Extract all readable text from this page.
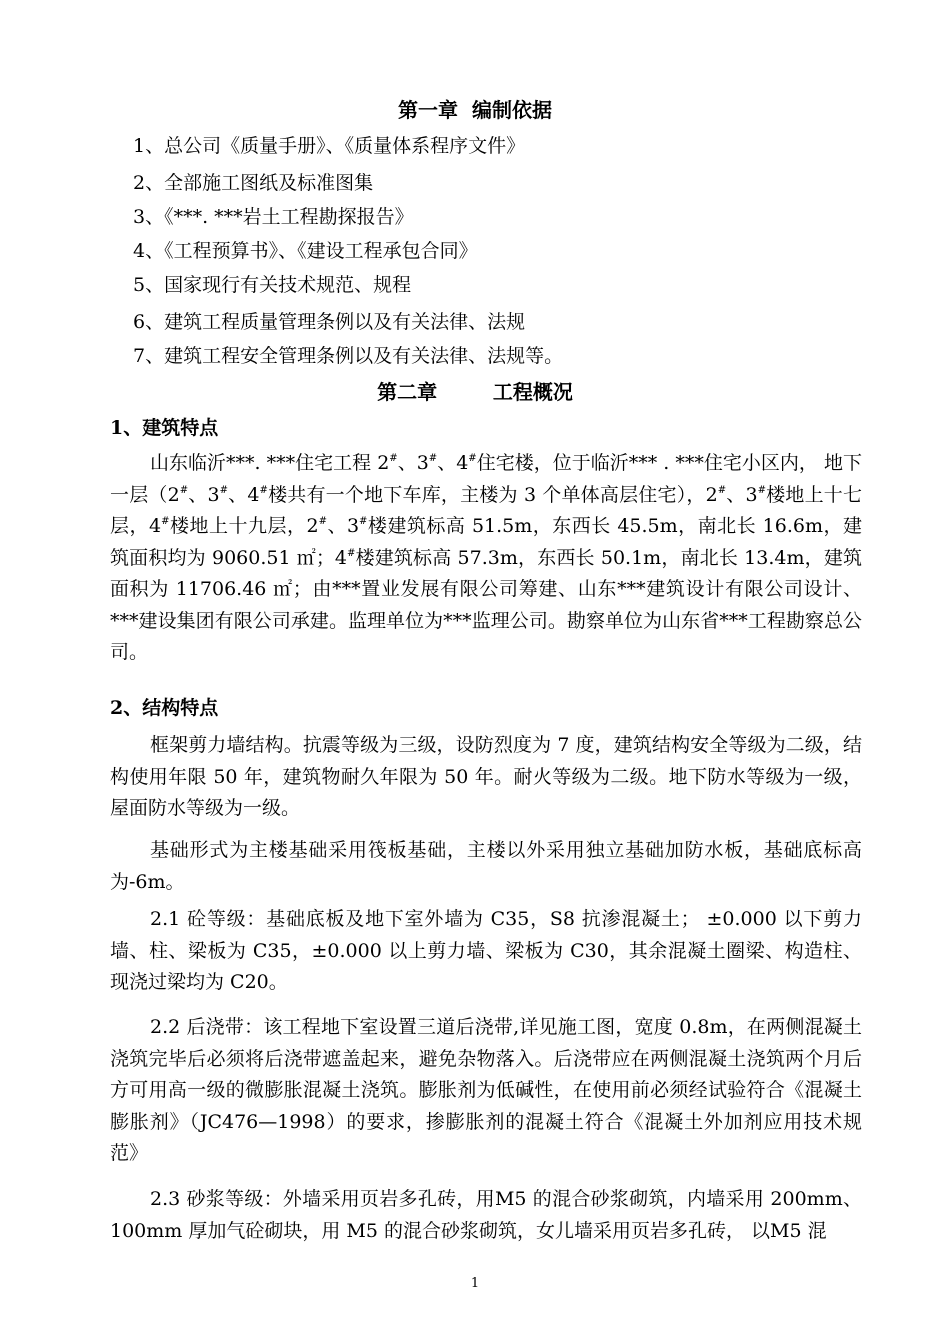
第一章  编制依据
1、总公司《质量手册》、《质量体系程序文件》
2、全部施工图纸及标准图集
3、《***. ***岩土工程勘探报告》
4、《工程预算书》、《建设工程承包合同》
5、国家现行有关技术规范、规程
6、建筑工程质量管理条例以及有关法律、法规
7、建筑工程安全管理条例以及有关法律、法规等。
第二章        工程概况
1、建筑特点

山东临沂***. ***住宅工程 2#、3#、4#住宅楼，位于临沂*** . ***住宅小区内， 地下一层（2#、3#、4#楼共有一个地下车库，主楼为 3 个单体高层住宅），2#、3#楼地上十七层，4#楼地上十九层，2#、3#楼建筑标高 51.5m，东西长 45.5m，南北长 16.6m，建筑面积均为 9060.51 ㎡；4#楼建筑标高 57.3m，东西长 50.1m，南北长 13.4m，建筑面积为 11706.46 ㎡；由***置业发展有限公司筹建、山东***建筑设计有限公司设计、***建设集团有限公司承建。监理单位为***监理公司。勘察单位为山东省***工程勘察总公司。

2、结构特点

框架剪力墙结构。抗震等级为三级，设防烈度为 7 度，建筑结构安全等级为二级，结构使用年限 50 年，建筑物耐久年限为 50 年。耐火等级为二级。地下防水等级为一级，屋面防水等级为一级。

基础形式为主楼基础采用筏板基础，主楼以外采用独立基础加防水板，基础底标高为-6m。

2.1 砼等级：基础底板及地下室外墙为 C35，S8 抗渗混凝土； ±0.000 以下剪力墙、柱、梁板为 C35，±0.000 以上剪力墙、梁板为 C30，其余混凝土圈梁、构造柱、现浇过梁均为 C20。

2.2 后浇带：该工程地下室设置三道后浇带,详见施工图，宽度 0.8m，在两侧混凝土浇筑完毕后必须将后浇带遮盖起来，避免杂物落入。后浇带应在两侧混凝土浇筑两个月后方可用高一级的微膨胀混凝土浇筑。膨胀剂为低碱性，在使用前必须经试验符合《混凝土膨胀剂》（JC476—1998）的要求，掺膨胀剂的混凝土符合《混凝土外加剂应用技术规范》

2.3 砂浆等级：外墙采用页岩多孔砖，用M5 的混合砂浆砌筑，内墙采用 200mm、100mm 厚加气砼砌块，用 M5 的混合砂浆砌筑，女儿墙采用页岩多孔砖， 以M5 混

1
